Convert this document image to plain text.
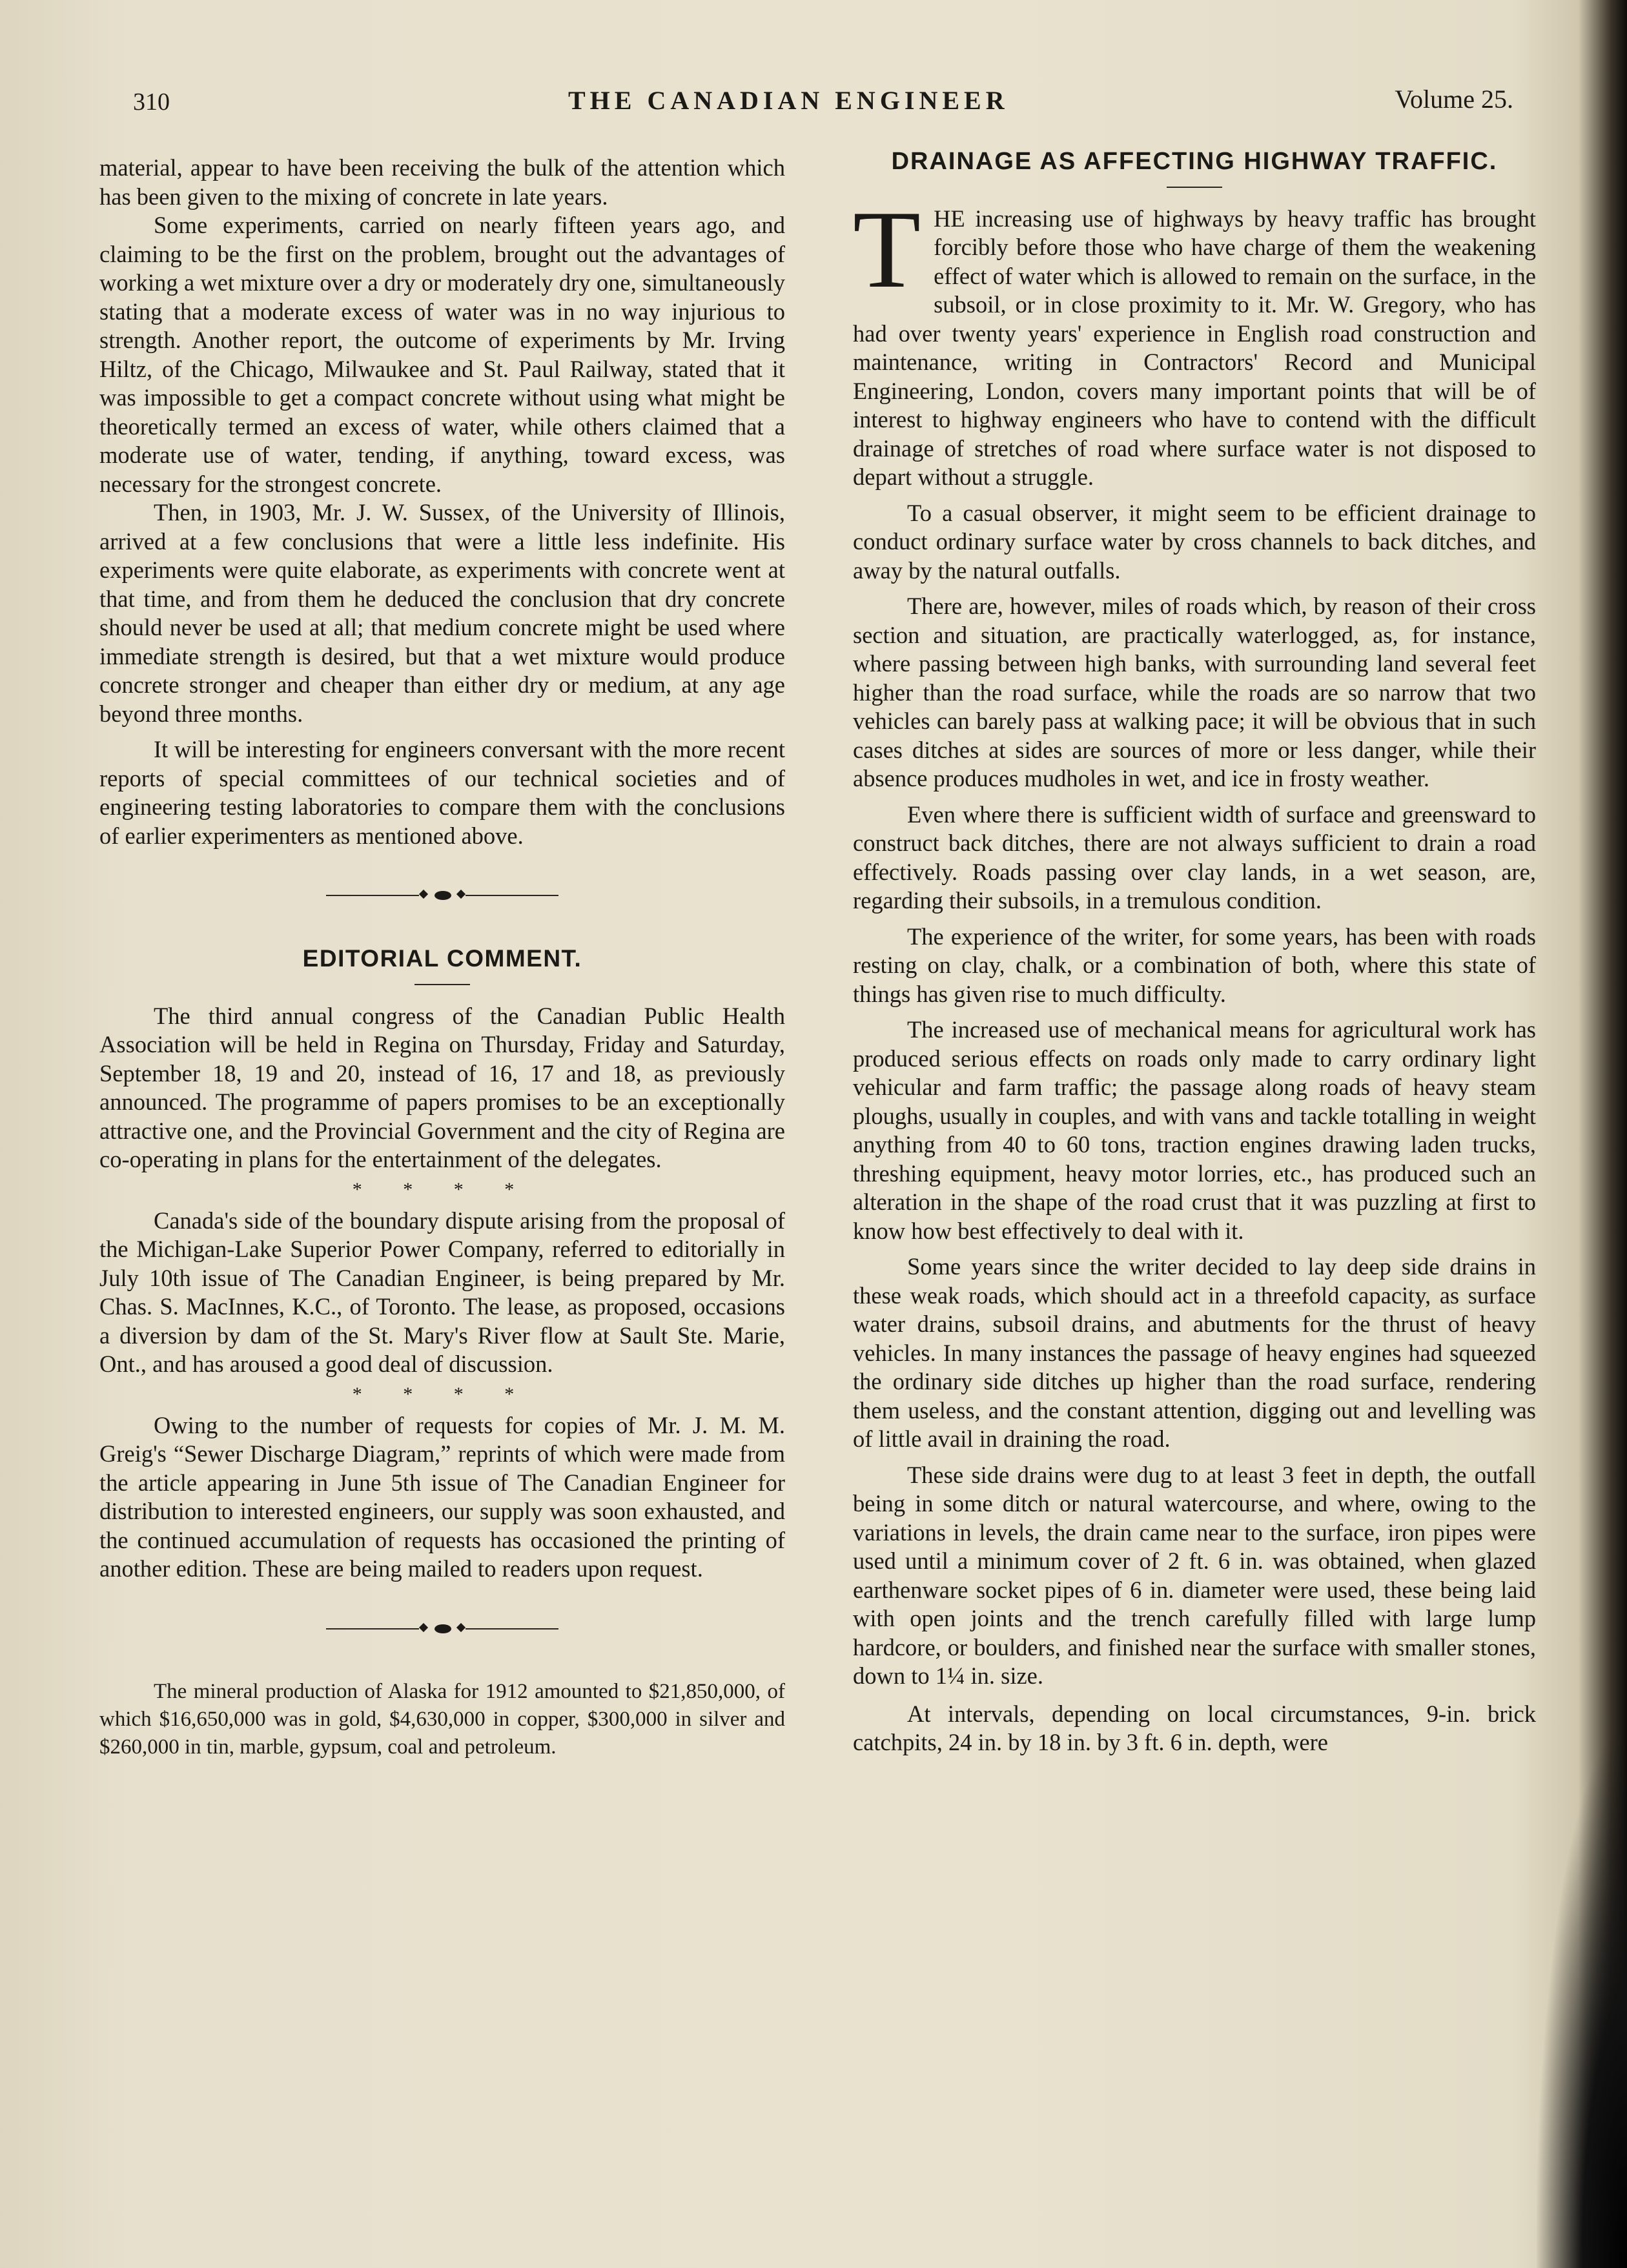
310	THE CANADIAN ENGINEER	Volume 25.

material, appear to have been receiving the bulk of the attention which has been given to the mixing of concrete in late years.

Some experiments, carried on nearly fifteen years ago, and claiming to be the first on the problem, brought out the advantages of working a wet mixture over a dry or moderately dry one, simultaneously stating that a moderate excess of water was in no way injurious to strength. Another report, the outcome of experiments by Mr. Irving Hiltz, of the Chicago, Milwaukee and St. Paul Railway, stated that it was impossible to get a compact concrete without using what might be theoretically termed an excess of water, while others claimed that a moderate use of water, tending, if anything, toward excess, was necessary for the strongest concrete.

Then, in 1903, Mr. J. W. Sussex, of the University of Illinois, arrived at a few conclusions that were a little less indefinite. His experiments were quite elaborate, as experiments with concrete went at that time, and from them he deduced the conclusion that dry concrete should never be used at all; that medium concrete might be used where immediate strength is desired, but that a wet mixture would produce concrete stronger and cheaper than either dry or medium, at any age beyond three months.

It will be interesting for engineers conversant with the more recent reports of special committees of our technical societies and of engineering testing laboratories to compare them with the conclusions of earlier experimenters as mentioned above.

EDITORIAL COMMENT.

The third annual congress of the Canadian Public Health Association will be held in Regina on Thursday, Friday and Saturday, September 18, 19 and 20, instead of 16, 17 and 18, as previously announced. The programme of papers promises to be an exceptionally attractive one, and the Provincial Government and the city of Regina are co-operating in plans for the entertainment of the delegates.

* * * *

Canada's side of the boundary dispute arising from the proposal of the Michigan-Lake Superior Power Company, referred to editorially in July 10th issue of The Canadian Engineer, is being prepared by Mr. Chas. S. MacInnes, K.C., of Toronto. The lease, as proposed, occasions a diversion by dam of the St. Mary's River flow at Sault Ste. Marie, Ont., and has aroused a good deal of discussion.

* * * *

Owing to the number of requests for copies of Mr. J. M. M. Greig's “Sewer Discharge Diagram,” reprints of which were made from the article appearing in June 5th issue of The Canadian Engineer for distribution to interested engineers, our supply was soon exhausted, and the continued accumulation of requests has occasioned the printing of another edition. These are being mailed to readers upon request.

The mineral production of Alaska for 1912 amounted to $21,850,000, of which $16,650,000 was in gold, $4,630,000 in copper, $300,000 in silver and $260,000 in tin, marble, gypsum, coal and petroleum.

DRAINAGE AS AFFECTING HIGHWAY TRAFFIC.
T HE increasing use of highways by heavy traffic has brought forcibly before those who have charge of them the weakening effect of water which is allowed to remain on the surface, in the subsoil, or in close proximity to it. Mr. W. Gregory, who has had over twenty years' experience in English road construction and maintenance, writing in Contractors' Record and Municipal Engineering, London, covers many important points that will be of interest to highway engineers who have to contend with the difficult drainage of stretches of road where surface water is not disposed to depart without a struggle.

To a casual observer, it might seem to be efficient drainage to conduct ordinary surface water by cross channels to back ditches, and away by the natural outfalls.

There are, however, miles of roads which, by reason of their cross section and situation, are practically waterlogged, as, for instance, where passing between high banks, with surrounding land several feet higher than the road surface, while the roads are so narrow that two vehicles can barely pass at walking pace; it will be obvious that in such cases ditches at sides are sources of more or less danger, while their absence produces mudholes in wet, and ice in frosty weather.

Even where there is sufficient width of surface and greensward to construct back ditches, there are not always sufficient to drain a road effectively. Roads passing over clay lands, in a wet season, are, regarding their subsoils, in a tremulous condition.

The experience of the writer, for some years, has been with roads resting on clay, chalk, or a combination of both, where this state of things has given rise to much difficulty.

The increased use of mechanical means for agricultural work has produced serious effects on roads only made to carry ordinary light vehicular and farm traffic; the passage along roads of heavy steam ploughs, usually in couples, and with vans and tackle totalling in weight anything from 40 to 60 tons, traction engines drawing laden trucks, threshing equipment, heavy motor lorries, etc., has produced such an alteration in the shape of the road crust that it was puzzling at first to know how best effectively to deal with it.

Some years since the writer decided to lay deep side drains in these weak roads, which should act in a threefold capacity, as surface water drains, subsoil drains, and abutments for the thrust of heavy vehicles. In many instances the passage of heavy engines had squeezed the ordinary side ditches up higher than the road surface, rendering them useless, and the constant attention, digging out and levelling was of little avail in draining the road.

These side drains were dug to at least 3 feet in depth, the outfall being in some ditch or natural watercourse, and where, owing to the variations in levels, the drain came near to the surface, iron pipes were used until a minimum cover of 2 ft. 6 in. was obtained, when glazed earthenware socket pipes of 6 in. diameter were used, these being laid with open joints and the trench carefully filled with large lump hardcore, or boulders, and finished near the surface with smaller stones, down to 1¼ in. size.

At intervals, depending on local circumstances, 9-in. brick catchpits, 24 in. by 18 in. by 3 ft. 6 in. depth, were
